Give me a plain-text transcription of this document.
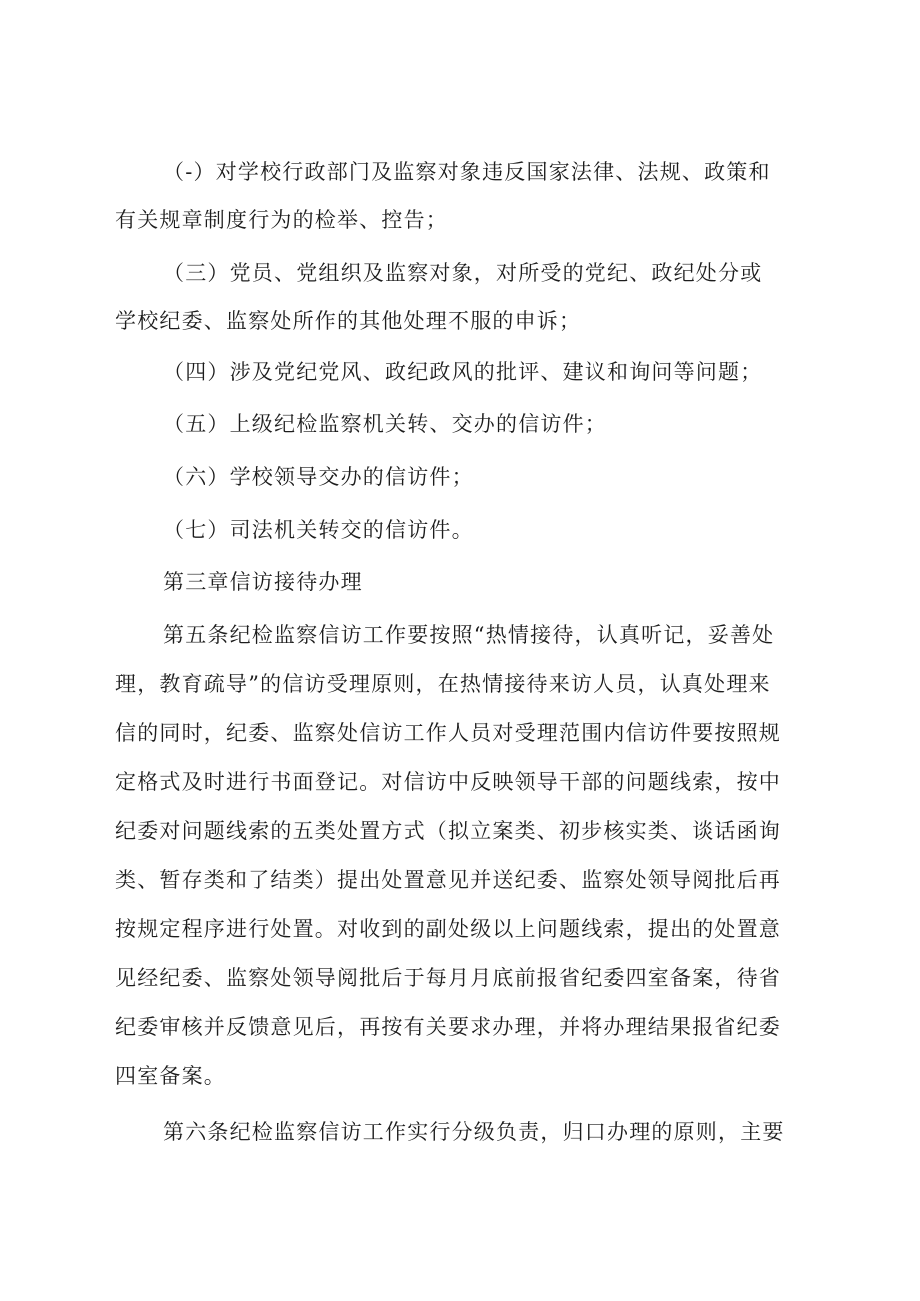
（-）对学校行政部门及监察对象违反国家法律、法规、政策和
有关规章制度行为的检举、控告；
（三）党员、党组织及监察对象，对所受的党纪、政纪处分或
学校纪委、监察处所作的其他处理不服的申诉；
（四）涉及党纪党风、政纪政风的批评、建议和询问等问题；
（五）上级纪检监察机关转、交办的信访件；
（六）学校领导交办的信访件；
（七）司法机关转交的信访件。
第三章信访接待办理
第五条纪检监察信访工作要按照“热情接待，认真听记，妥善处
理，教育疏导”的信访受理原则，在热情接待来访人员，认真处理来
信的同时，纪委、监察处信访工作人员对受理范围内信访件要按照规
定格式及时进行书面登记。对信访中反映领导干部的问题线索，按中
纪委对问题线索的五类处置方式（拟立案类、初步核实类、谈话函询
类、暂存类和了结类）提出处置意见并送纪委、监察处领导阅批后再
按规定程序进行处置。对收到的副处级以上问题线索，提出的处置意
见经纪委、监察处领导阅批后于每月月底前报省纪委四室备案，待省
纪委审核并反馈意见后，再按有关要求办理，并将办理结果报省纪委
四室备案。
第六条纪检监察信访工作实行分级负责，归口办理的原则，主要
